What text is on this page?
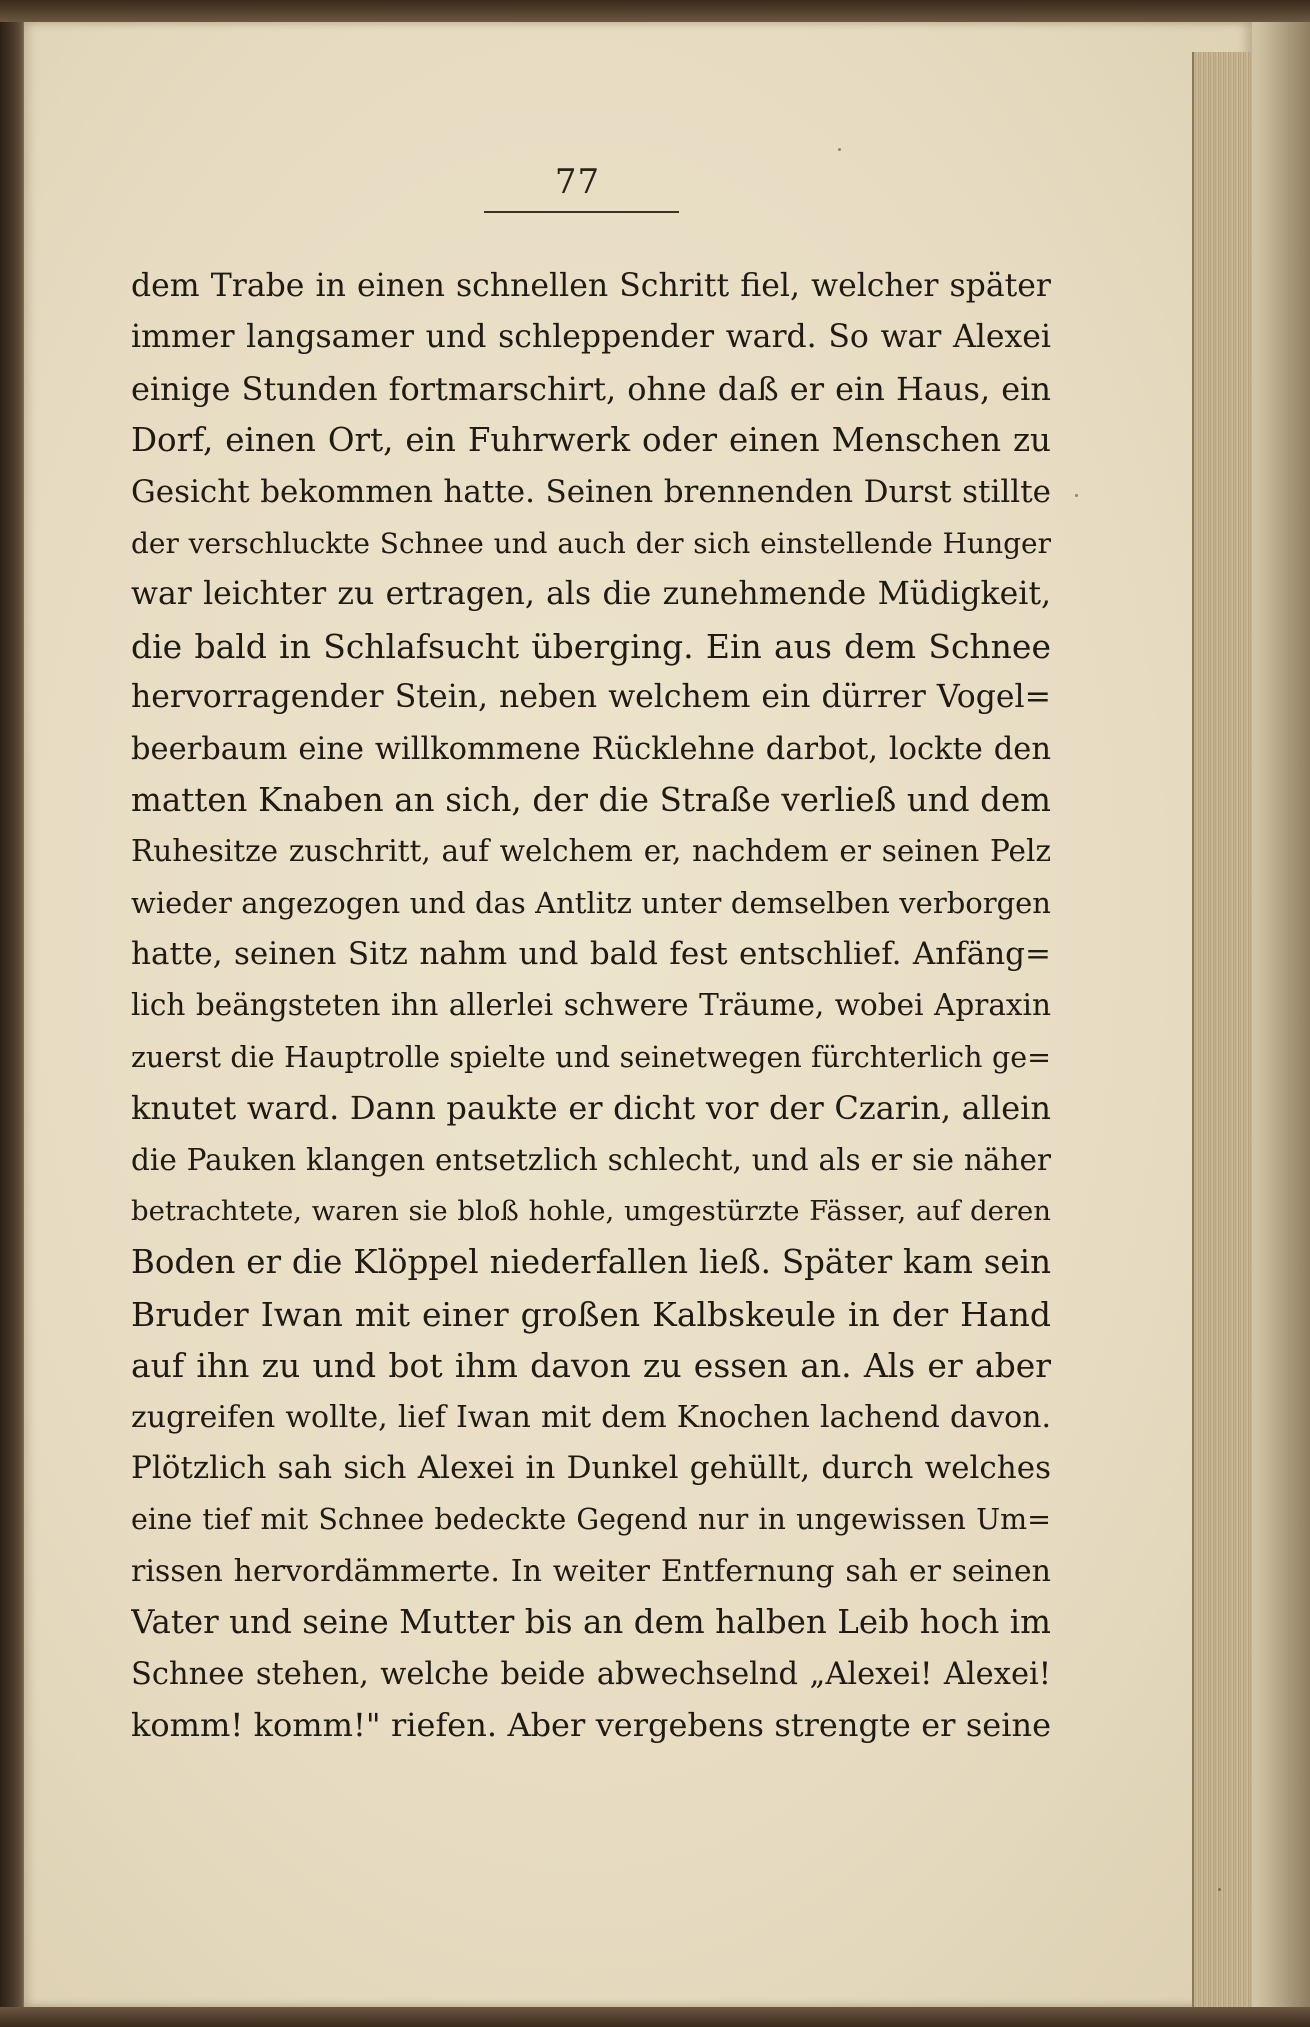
77
dem Trabe in einen schnellen Schritt fiel, welcher später
immer langsamer und schleppender ward. So war Alexei
einige Stunden fortmarschirt, ohne daß er ein Haus, ein
Dorf, einen Ort, ein Fuhrwerk oder einen Menschen zu
Gesicht bekommen hatte. Seinen brennenden Durst stillte
der verschluckte Schnee und auch der sich einstellende Hunger
war leichter zu ertragen, als die zunehmende Müdigkeit,
die bald in Schlafsucht überging. Ein aus dem Schnee
hervorragender Stein, neben welchem ein dürrer Vogel=
beerbaum eine willkommene Rücklehne darbot, lockte den
matten Knaben an sich, der die Straße verließ und dem
Ruhesitze zuschritt, auf welchem er, nachdem er seinen Pelz
wieder angezogen und das Antlitz unter demselben verborgen
hatte, seinen Sitz nahm und bald fest entschlief. Anfäng=
lich beängsteten ihn allerlei schwere Träume, wobei Apraxin
zuerst die Hauptrolle spielte und seinetwegen fürchterlich ge=
knutet ward. Dann paukte er dicht vor der Czarin, allein
die Pauken klangen entsetzlich schlecht, und als er sie näher
betrachtete, waren sie bloß hohle, umgestürzte Fässer, auf deren
Boden er die Klöppel niederfallen ließ. Später kam sein
Bruder Iwan mit einer großen Kalbskeule in der Hand
auf ihn zu und bot ihm davon zu essen an. Als er aber
zugreifen wollte, lief Iwan mit dem Knochen lachend davon.
Plötzlich sah sich Alexei in Dunkel gehüllt, durch welches
eine tief mit Schnee bedeckte Gegend nur in ungewissen Um=
rissen hervordämmerte. In weiter Entfernung sah er seinen
Vater und seine Mutter bis an dem halben Leib hoch im
Schnee stehen, welche beide abwechselnd „Alexei! Alexei!
komm! komm!" riefen. Aber vergebens strengte er seine
